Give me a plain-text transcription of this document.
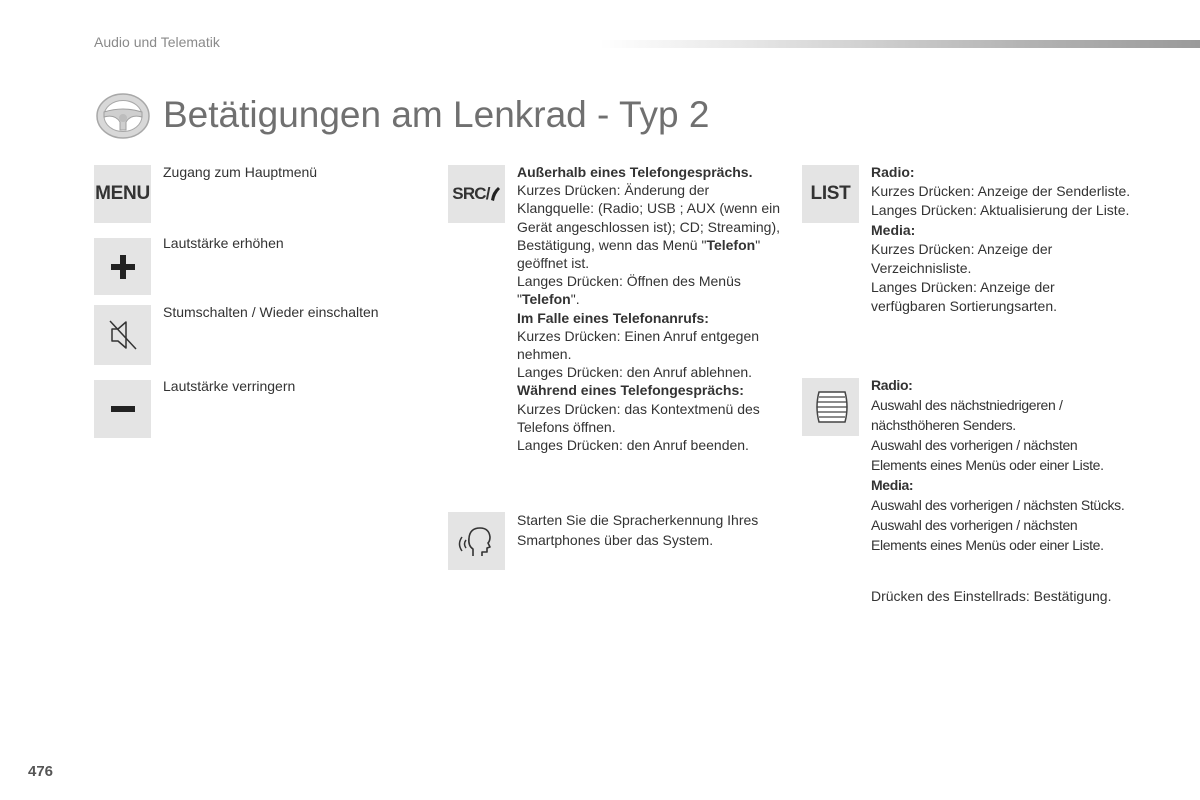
Audio und Telematik
Betätigungen am Lenkrad - Typ 2
MENU

Zugang zum Hauptmenü

Lautstärke erhöhen

Stumschalten / Wieder einschalten

Lautstärke verringern

SRC/

Außerhalb eines Telefongesprächs.

Kurzes Drücken: Änderung der Klangquelle: (Radio; USB ; AUX (wenn ein Gerät angeschlossen ist); CD; Streaming), Bestätigung, wenn das Menü "Telefon" geöffnet ist.

Langes Drücken: Öffnen des Menüs "Telefon".

Im Falle eines Telefonanrufs:

Kurzes Drücken: Einen Anruf entgegen nehmen.

Langes Drücken: den Anruf ablehnen.

Während eines Telefongesprächs:

Kurzes Drücken: das Kontextmenü des Telefons öffnen.

Langes Drücken: den Anruf beenden.

Starten Sie die Spracherkennung Ihres Smartphones über das System.

LIST

Radio:

Kurzes Drücken: Anzeige der Senderliste.

Langes Drücken: Aktualisierung der Liste.

Media:

Kurzes Drücken: Anzeige der Verzeichnisliste.

Langes Drücken: Anzeige der verfügbaren Sortierungsarten.

Radio:

Auswahl des nächstniedrigeren / nächsthöheren Senders.

Auswahl des vorherigen / nächsten Elements eines Menüs oder einer Liste.

Media:

Auswahl des vorherigen / nächsten Stücks.

Auswahl des vorherigen / nächsten Elements eines Menüs oder einer Liste.

Drücken des Einstellrads: Bestätigung.

476
